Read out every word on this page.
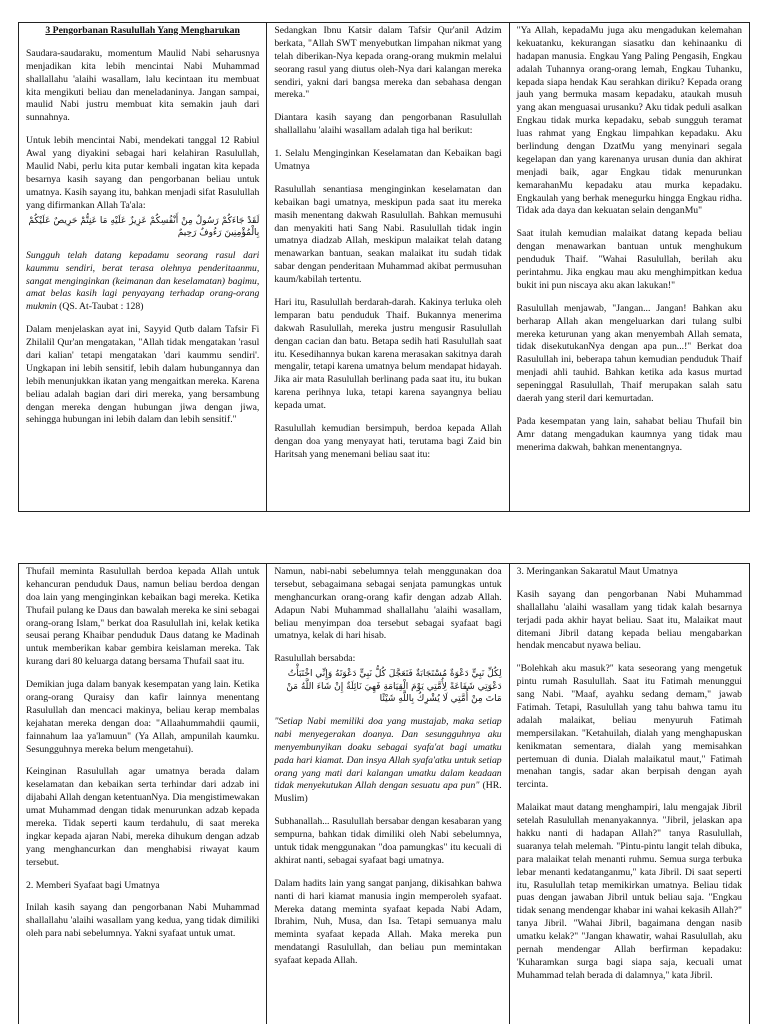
3 Pengorbanan Rasulullah Yang Mengharukan

Saudara-saudaraku, momentum Maulid Nabi seharusnya menjadikan kita lebih mencintai Nabi Muhammad shallallahu 'alaihi wasallam, lalu kecintaan itu membuat kita mengikuti beliau dan meneladaninya. Jangan sampai, maulid Nabi justru membuat kita semakin jauh dari sunnahnya.

Untuk lebih mencintai Nabi, mendekati tanggal 12 Rabiul Awal yang diyakini sebagai hari kelahiran Rasulullah, Maulid Nabi, perlu kita putar kembali ingatan kita kepada besarnya kasih sayang dan pengorbanan beliau untuk umatnya. Kasih sayang itu, bahkan menjadi sifat Rasulullah yang difirmankan Allah Ta'ala:

لَقَدْ جَاءَكُمْ رَسُولٌ مِنْ أَنْفُسِكُمْ عَزِيزٌ عَلَيْهِ مَا عَنِتُّمْ حَرِيصٌ عَلَيْكُمْ بِالْمُؤْمِنِينَ رَءُوفٌ رَحِيمٌ

Sungguh telah datang kepadamu seorang rasul dari kaummu sendiri, berat terasa olehnya penderitaanmu, sangat menginginkan (keimanan dan keselamatan) bagimu, amat belas kasih lagi penyayang terhadap orang-orang mukmin (QS. At-Taubat : 128)

Dalam menjelaskan ayat ini, Sayyid Qutb dalam Tafsir Fi Zhilalil Qur'an mengatakan, "Allah tidak mengatakan 'rasul dari kalian' tetapi mengatakan 'dari kaummu sendiri'. Ungkapan ini lebih sensitif, lebih dalam hubungannya dan lebih menunjukkan ikatan yang mengaitkan mereka. Karena beliau adalah bagian dari diri mereka, yang bersambung dengan mereka dengan hubungan jiwa dengan jiwa, sehingga hubungan ini lebih dalam dan lebih sensitif."

Sedangkan Ibnu Katsir dalam Tafsir Qur'anil Adzim berkata, "Allah SWT menyebutkan limpahan nikmat yang telah diberikan-Nya kepada orang-orang mukmin melalui seorang rasul yang diutus oleh-Nya dari kalangan mereka sendiri, yakni dari bangsa mereka dan sebahasa dengan mereka."

Diantara kasih sayang dan pengorbanan Rasulullah shallallahu 'alaihi wasallam adalah tiga hal berikut:

1. Selalu Menginginkan Keselamatan dan Kebaikan bagi Umatnya

Rasulullah senantiasa menginginkan keselamatan dan kebaikan bagi umatnya, meskipun pada saat itu mereka masih menentang dakwah Rasulullah. Bahkan memusuhi dan menyakiti hati Sang Nabi. Rasulullah tidak ingin umatnya diadzab Allah, meskipun malaikat telah datang menawarkan bantuan, seakan malaikat itu sudah tidak sabar dengan penderitaan Muhammad akibat permusuhan kaum/kabilah tertentu.

Hari itu, Rasulullah berdarah-darah. Kakinya terluka oleh lemparan batu penduduk Thaif. Bukannya menerima dakwah Rasulullah, mereka justru mengusir Rasulullah dengan cacian dan batu. Betapa sedih hati Rasulullah saat itu. Kesedihannya bukan karena merasakan sakitnya darah mengalir, tetapi karena umatnya belum mendapat hidayah. Jika air mata Rasulullah berlinang pada saat itu, itu bukan karena perihnya luka, tetapi karena sayangnya beliau kepada umat.

Rasulullah kemudian bersimpuh, berdoa kepada Allah dengan doa yang menyayat hati, terutama bagi Zaid bin Haritsah yang menemani beliau saat itu:

"Ya Allah, kepadaMu juga aku mengadukan kelemahan kekuatanku, kekurangan siasatku dan kehinaanku di hadapan manusia. Engkau Yang Paling Pengasih, Engkau adalah Tuhannya orang-orang lemah, Engkau Tuhanku, kepada siapa hendak Kau serahkan diriku? Kepada orang jauh yang bermuka masam kepadaku, ataukah musuh yang akan menguasai urusanku? Aku tidak peduli asalkan Engkau tidak murka kepadaku, sebab sungguh teramat luas rahmat yang Engkau limpahkan kepadaku. Aku berlindung dengan DzatMu yang menyinari segala kegelapan dan yang karenanya urusan dunia dan akhirat menjadi baik, agar Engkau tidak menurunkan kemarahanMu kepadaku atau murka kepadaku. Engkaulah yang berhak menegurku hingga Engkau ridha. Tidak ada daya dan kekuatan selain denganMu"

Saat itulah kemudian malaikat datang kepada beliau dengan menawarkan bantuan untuk menghukum penduduk Thaif. "Wahai Rasulullah, berilah aku perintahmu. Jika engkau mau aku menghimpitkan kedua bukit ini pun niscaya aku akan lakukan!"

Rasulullah menjawab, "Jangan... Jangan! Bahkan aku berharap Allah akan mengeluarkan dari tulang sulbi mereka keturunan yang akan menyembah Allah semata, tidak disekutukanNya dengan apa pun...!" Berkat doa Rasulullah ini, beberapa tahun kemudian penduduk Thaif menjadi ahli tauhid. Bahkan ketika ada kasus murtad sepeninggal Rasulullah, Thaif merupakan salah satu daerah yang steril dari kemurtadan.

Pada kesempatan yang lain, sahabat beliau Thufail bin Amr datang mengadukan kaumnya yang tidak mau menerima dakwah, bahkan menentangnya.

Thufail meminta Rasulullah berdoa kepada Allah untuk kehancuran penduduk Daus, namun beliau berdoa dengan doa lain yang menginginkan kebaikan bagi mereka. Ketika Thufail pulang ke Daus dan bawalah mereka ke sini sebagai orang-orang Islam," berkat doa Rasulullah ini, kelak ketika seusai perang Khaibar penduduk Daus datang ke Madinah untuk memberikan kabar gembira keislaman mereka. Tak kurang dari 80 keluarga datang bersama Thufail saat itu.

Demikian juga dalam banyak kesempatan yang lain. Ketika orang-orang Quraisy dan kafir lainnya menentang Rasulullah dan mencaci makinya, beliau kerap membalas kejahatan mereka dengan doa: "Allaahummahdii qaumii, fainnahum laa ya'lamuun" (Ya Allah, ampunilah kaumku. Sesungguhnya mereka belum mengetahui).

Keinginan Rasulullah agar umatnya berada dalam keselamatan dan kebaikan serta terhindar dari adzab ini dijabahi Allah dengan ketentuanNya. Dia mengistimewakan umat Muhammad dengan tidak menurunkan adzab kepada mereka. Tidak seperti kaum terdahulu, di saat mereka ingkar kepada ajaran Nabi, mereka dihukum dengan adzab yang menghancurkan dan menghabisi riwayat kaum tersebut.

2. Memberi Syafaat bagi Umatnya

Inilah kasih sayang dan pengorbanan Nabi Muhammad shallallahu 'alaihi wasallam yang kedua, yang tidak dimiliki oleh para nabi sebelumnya. Yakni syafaat untuk umat.

Namun, nabi-nabi sebelumnya telah menggunakan doa tersebut, sebagaimana sebagai senjata pamungkas untuk menghancurkan orang-orang kafir dengan adzab Allah. Adapun Nabi Muhammad shallallahu 'alaihi wasallam, beliau menyimpan doa tersebut sebagai syafaat bagi umatnya, kelak di hari hisab.

Rasulullah bersabda:

لِكُلِّ نَبِيٍّ دَعْوَةٌ مُسْتَجَابَةٌ فَتَعَجَّلَ كُلُّ نَبِيٍّ دَعْوَتَهُ وَإِنِّي اخْتَبَأْتُ دَعْوَتِي شَفَاعَةً لِأُمَّتِي يَوْمَ الْقِيَامَةِ فَهِيَ نَائِلَةٌ إِنْ شَاءَ اللَّهُ مَنْ مَاتَ مِنْ أُمَّتِي لَا يُشْرِكُ بِاللَّهِ شَيْئًا

"Setiap Nabi memiliki doa yang mustajab, maka setiap nabi menyegerakan doanya. Dan sesungguhnya aku menyembunyikan doaku sebagai syafa'at bagi umatku pada hari kiamat. Dan insya Allah syafa'atku untuk setiap orang yang mati dari kalangan umatku dalam keadaan tidak menyekutukan Allah dengan sesuatu apa pun" (HR. Muslim)

Subhanallah... Rasulullah bersabar dengan kesabaran yang sempurna, bahkan tidak dimiliki oleh Nabi sebelumnya, untuk tidak menggunakan "doa pamungkas" itu kecuali di akhirat nanti, sebagai syafaat bagi umatnya.

Dalam hadits lain yang sangat panjang, dikisahkan bahwa nanti di hari kiamat manusia ingin memperoleh syafaat. Mereka datang meminta syafaat kepada Nabi Adam, Ibrahim, Nuh, Musa, dan Isa. Tetapi semuanya malu meminta syafaat kepada Allah. Maka mereka pun mendatangi Rasulullah, dan beliau pun memintakan syafaat kepada Allah.

3. Meringankan Sakaratul Maut Umatnya

Kasih sayang dan pengorbanan Nabi Muhammad shallallahu 'alaihi wasallam yang tidak kalah besarnya terjadi pada akhir hayat beliau. Saat itu, Malaikat maut ditemani Jibril datang kepada beliau mengabarkan hendak mencabut nyawa beliau.

"Bolehkah aku masuk?" kata seseorang yang mengetuk pintu rumah Rasulullah. Saat itu Fatimah menunggui sang Nabi. "Maaf, ayahku sedang demam," jawab Fatimah. Tetapi, Rasulullah yang tahu bahwa tamu itu adalah malaikat, beliau menyuruh Fatimah mempersilakan. "Ketahuilah, dialah yang menghapuskan kenikmatan sementara, dialah yang memisahkan pertemuan di dunia. Dialah malaikatul maut," Fatimah menahan tangis, sadar akan berpisah dengan ayah tercinta.

Malaikat maut datang menghampiri, lalu mengajak Jibril setelah Rasulullah menanyakannya. "Jibril, jelaskan apa hakku nanti di hadapan Allah?" tanya Rasulullah, suaranya telah melemah. "Pintu-pintu langit telah dibuka, para malaikat telah menanti ruhmu. Semua surga terbuka lebar menanti kedatanganmu," kata Jibril. Di saat seperti itu, Rasulullah tetap memikirkan umatnya. Beliau tidak puas dengan jawaban Jibril untuk beliau saja. "Engkau tidak senang mendengar khabar ini wahai kekasih Allah?" tanya Jibril. "Wahai Jibril, bagaimana dengan nasib umatku kelak?" "Jangan khawatir, wahai Rasulullah, aku pernah mendengar Allah berfirman kepadaku: 'Kuharamkan surga bagi siapa saja, kecuali umat Muhammad telah berada di dalamnya," kata Jibril.
